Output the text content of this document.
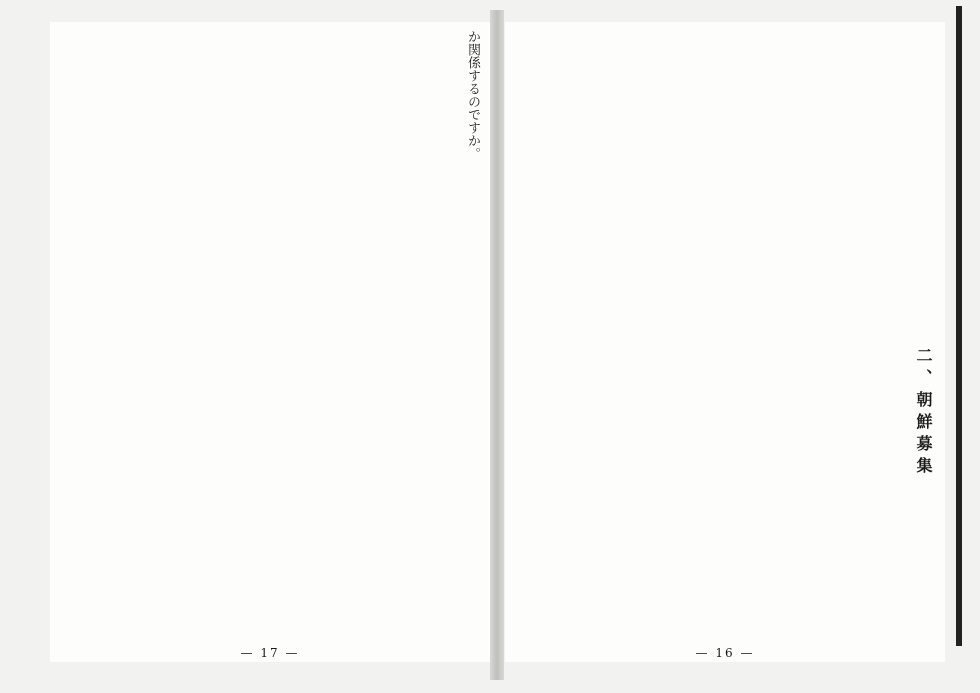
か関係するのですか。
— 17 —
二、朝鮮募集
— 16 —
